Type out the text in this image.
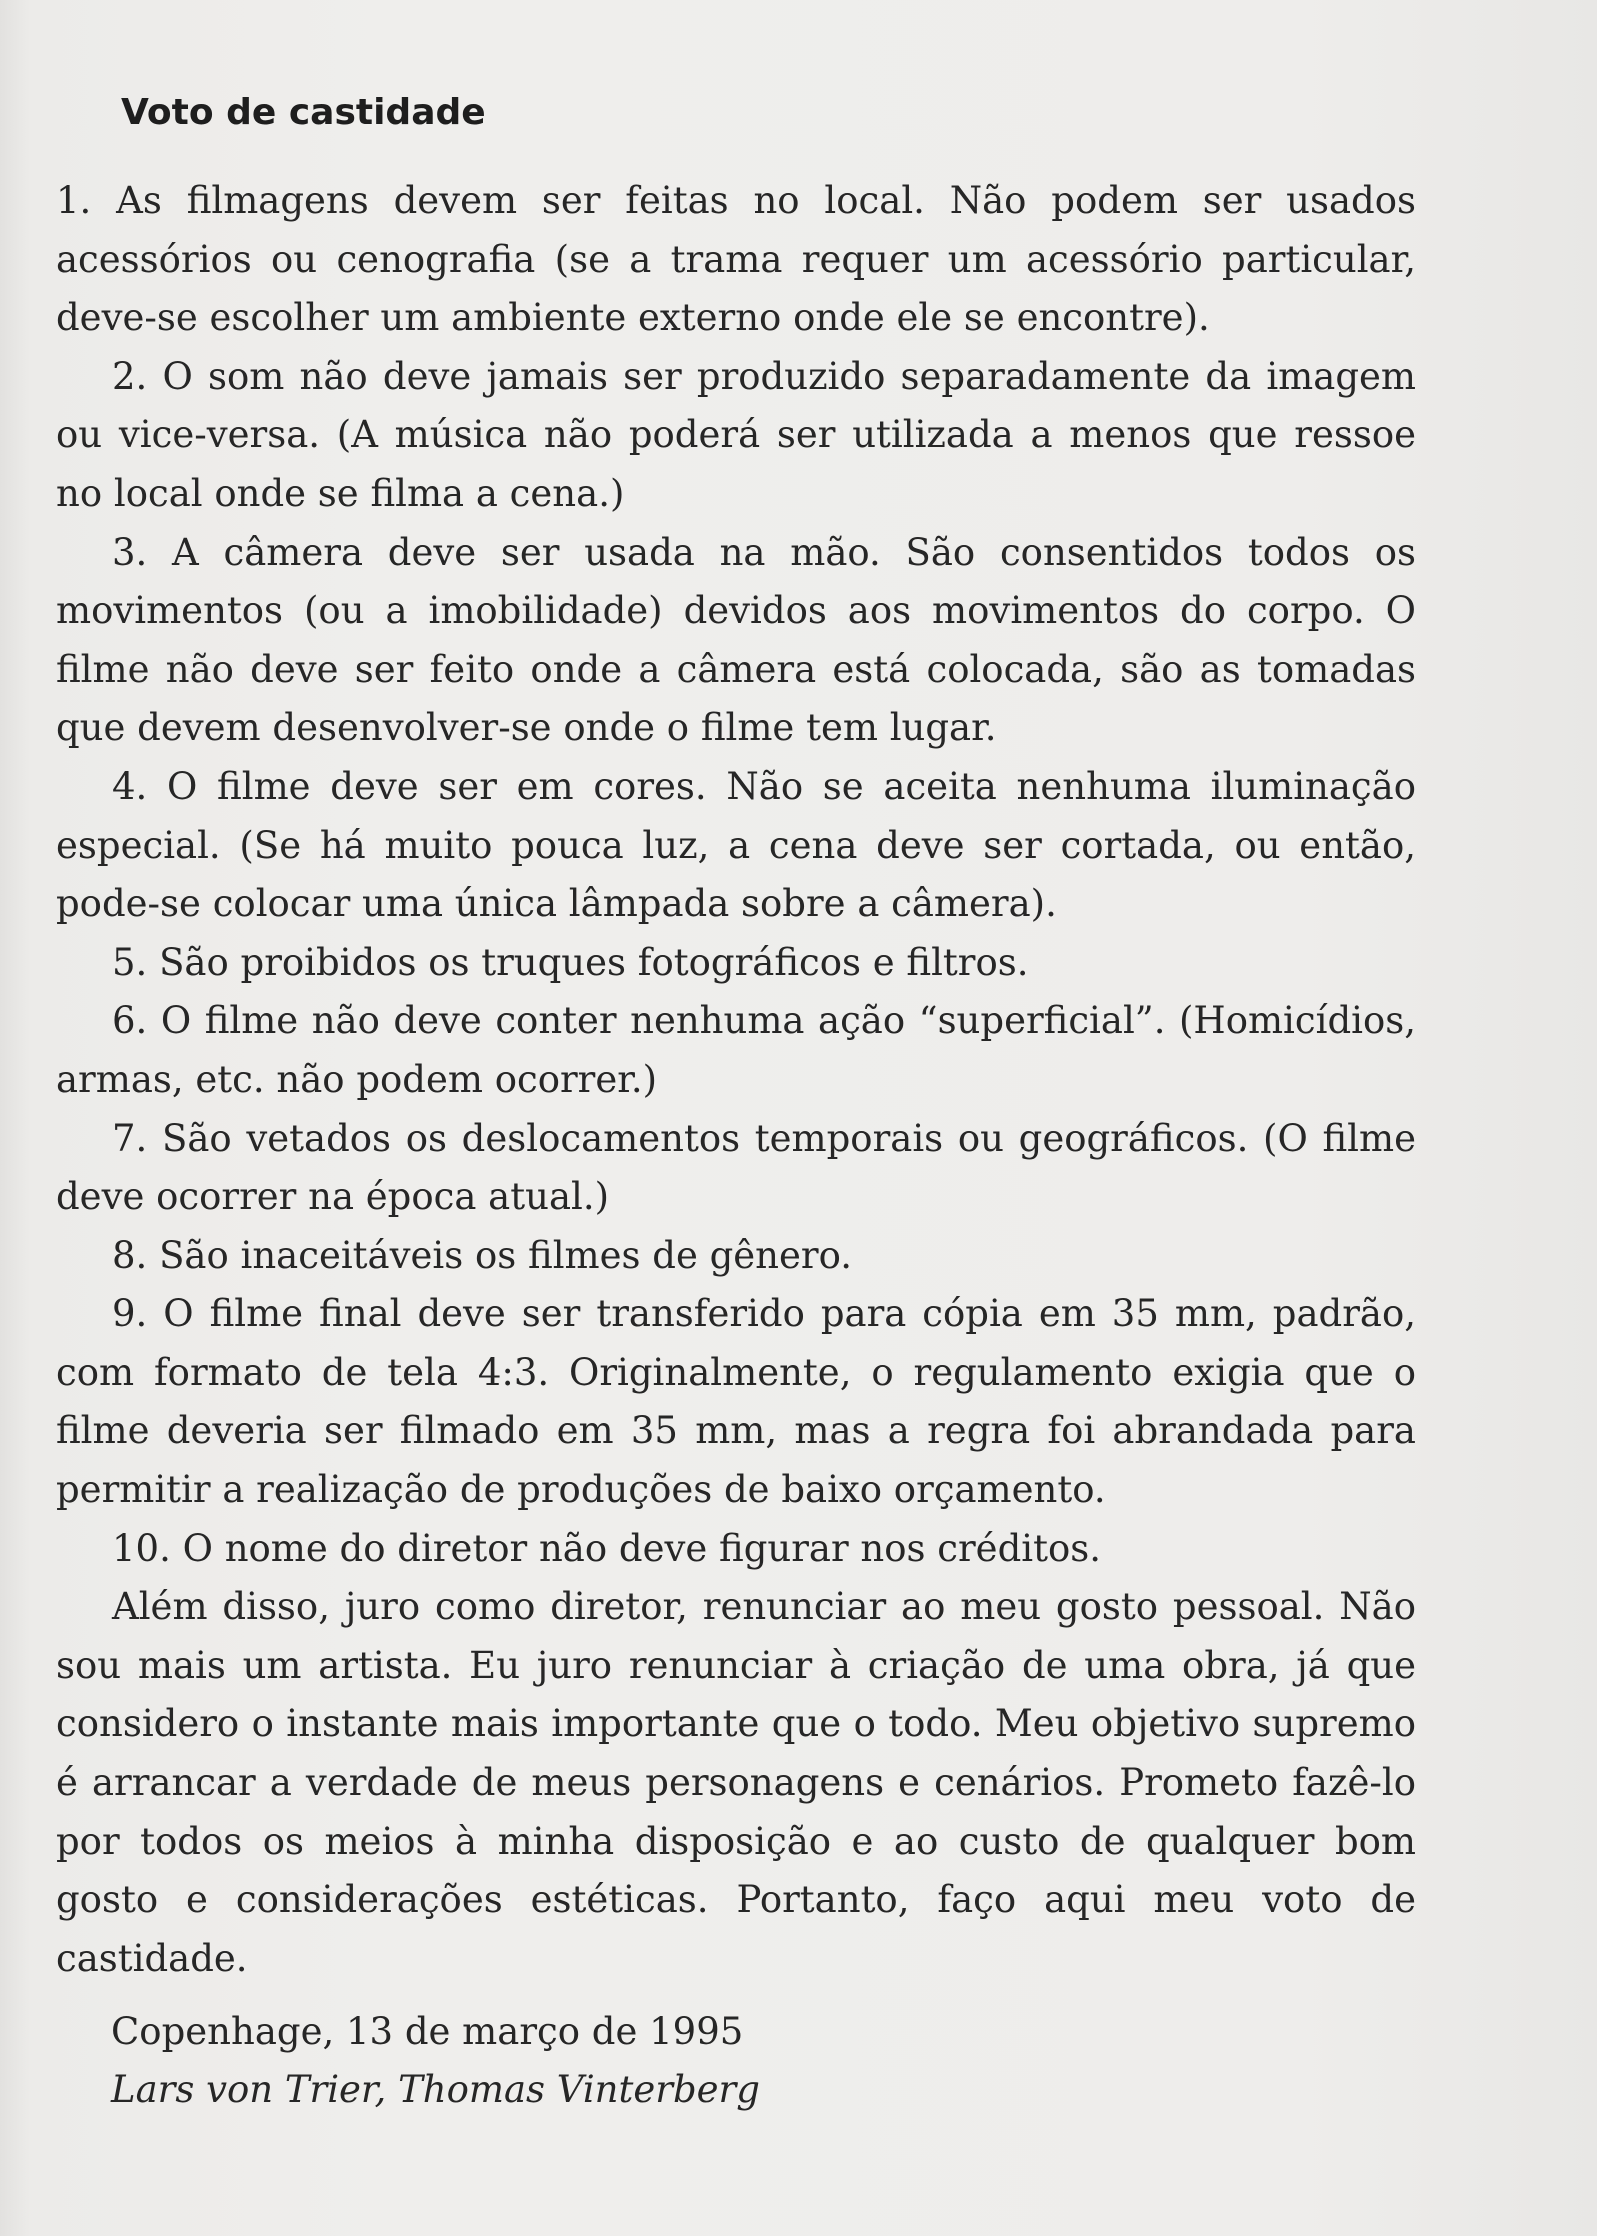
Voto de castidade

1. As filmagens devem ser feitas no local. Não podem ser usados acessórios ou cenografia (se a trama requer um acessório particular, deve-se escolher um ambiente externo onde ele se encontre).

2. O som não deve jamais ser produzido separadamente da imagem ou vice-versa. (A música não poderá ser utilizada a menos que ressoe no local onde se filma a cena.)

3. A câmera deve ser usada na mão. São consentidos todos os movimentos (ou a imobilidade) devidos aos movimentos do corpo. O filme não deve ser feito onde a câmera está colocada, são as tomadas que devem desenvolver-se onde o filme tem lugar.

4. O filme deve ser em cores. Não se aceita nenhuma iluminação especial. (Se há muito pouca luz, a cena deve ser cortada, ou então, pode-se colocar uma única lâmpada sobre a câmera).

5. São proibidos os truques fotográficos e filtros.

6. O filme não deve conter nenhuma ação “superficial”. (Homicídios, armas, etc. não podem ocorrer.)

7. São vetados os deslocamentos temporais ou geográficos. (O filme deve ocorrer na época atual.)

8. São inaceitáveis os filmes de gênero.

9. O filme final deve ser transferido para cópia em 35 mm, padrão, com formato de tela 4:3. Originalmente, o regulamento exigia que o filme deveria ser filmado em 35 mm, mas a regra foi abrandada para permitir a realização de produções de baixo orçamento.

10. O nome do diretor não deve figurar nos créditos.

Além disso, juro como diretor, renunciar ao meu gosto pessoal. Não sou mais um artista. Eu juro renunciar à criação de uma obra, já que considero o instante mais importante que o todo. Meu objetivo supremo é arrancar a verdade de meus personagens e cenários. Prometo fazê-lo por todos os meios à minha disposição e ao custo de qualquer bom gosto e considerações estéticas. Portanto, faço aqui meu voto de castidade.

Copenhage, 13 de março de 1995
Lars von Trier, Thomas Vinterberg
